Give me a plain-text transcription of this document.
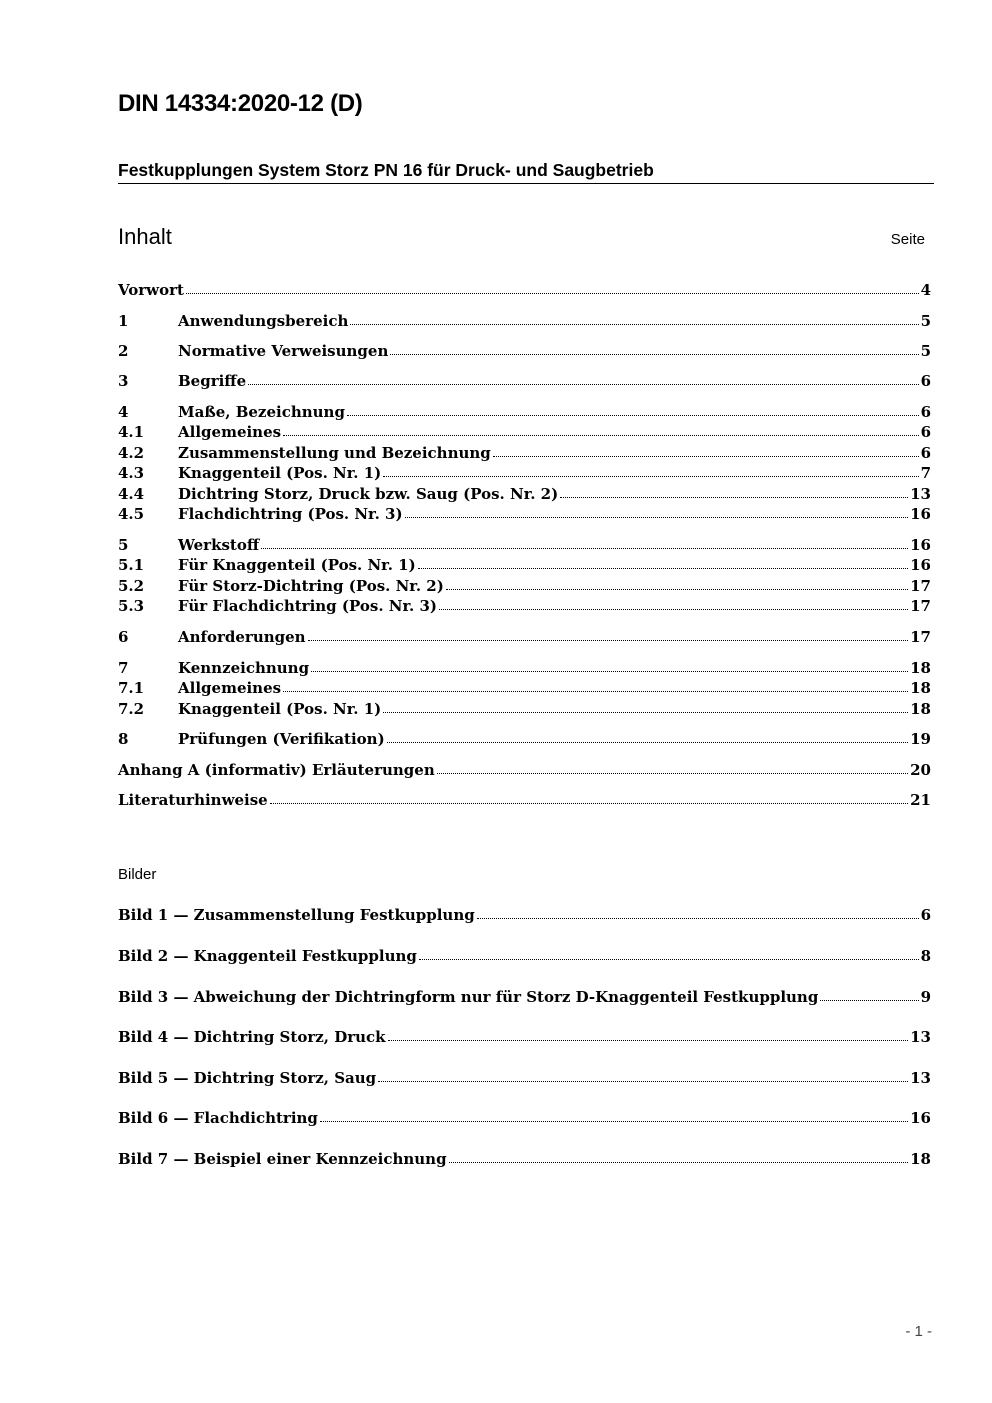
DIN 14334:2020-12 (D)
Festkupplungen System Storz PN 16 für Druck- und Saugbetrieb
Inhalt	Seite
Vorwort	4
1	Anwendungsbereich	5
2	Normative Verweisungen	5
3	Begriffe	6
4	Maße, Bezeichnung	6
4.1	Allgemeines	6
4.2	Zusammenstellung und Bezeichnung	6
4.3	Knaggenteil (Pos. Nr. 1)	7
4.4	Dichtring Storz, Druck bzw. Saug (Pos. Nr. 2)	13
4.5	Flachdichtring (Pos. Nr. 3)	16
5	Werkstoff	16
5.1	Für Knaggenteil (Pos. Nr. 1)	16
5.2	Für Storz-Dichtring (Pos. Nr. 2)	17
5.3	Für Flachdichtring (Pos. Nr. 3)	17
6	Anforderungen	17
7	Kennzeichnung	18
7.1	Allgemeines	18
7.2	Knaggenteil (Pos. Nr. 1)	18
8	Prüfungen (Verifikation)	19
Anhang A (informativ) Erläuterungen	20
Literaturhinweise	21
Bilder
Bild 1 — Zusammenstellung Festkupplung	6
Bild 2 — Knaggenteil Festkupplung	8
Bild 3 — Abweichung der Dichtringform nur für Storz D-Knaggenteil Festkupplung	9
Bild 4 — Dichtring Storz, Druck	13
Bild 5 — Dichtring Storz, Saug	13
Bild 6 — Flachdichtring	16
Bild 7 — Beispiel einer Kennzeichnung	18
- 1 -
